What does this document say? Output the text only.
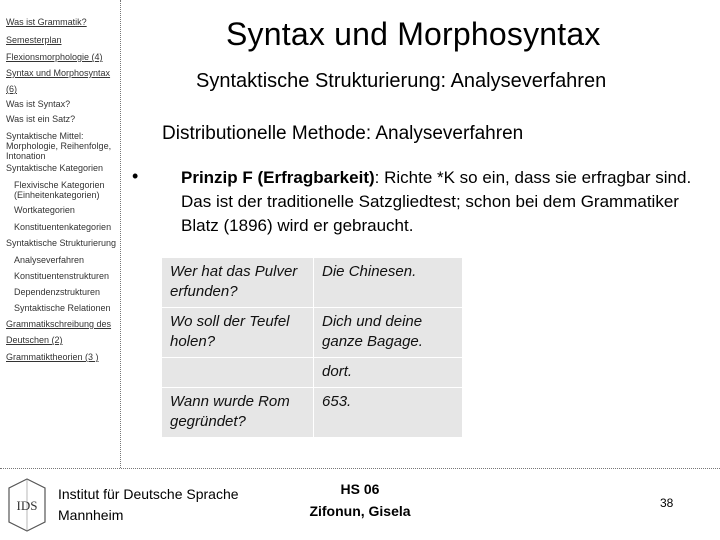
Was ist Grammatik?
Semesterplan
Flexionsmorphologie (4)
Syntax und Morphosyntax
(6)
Was ist Syntax?
Was ist ein Satz?
Syntaktische Mittel: Morphologie, Reihenfolge, Intonation
Syntaktische Kategorien
Flexivische Kategorien (Einheitenkategorien)
Wortkategorien
Konstituentenkategorien
Syntaktische Strukturierung
Analyseverfahren
Konstituentenstrukturen
Dependenzstrukturen
Syntaktische Relationen
Grammatikschreibung des
Deutschen (2)
Grammatiktheorien (3 )
Syntax und Morphosyntax
Syntaktische Strukturierung: Analyseverfahren
Distributionelle Methode: Analyseverfahren
•	Prinzip F (Erfragbarkeit): Richte *K so ein, dass sie erfragbar sind. Das ist der traditionelle Satzgliedtest; schon bei dem Grammatiker Blatz (1896) wird er gebraucht.
Wer hat das Pulver erfunden?	Die Chinesen.
Wo soll der Teufel holen?	Dich und deine ganze Bagage.
	dort.
Wann wurde Rom gegründet?	653.
IDS
Institut für Deutsche Sprache
Mannheim
HS 06
Zifonun, Gisela	38
